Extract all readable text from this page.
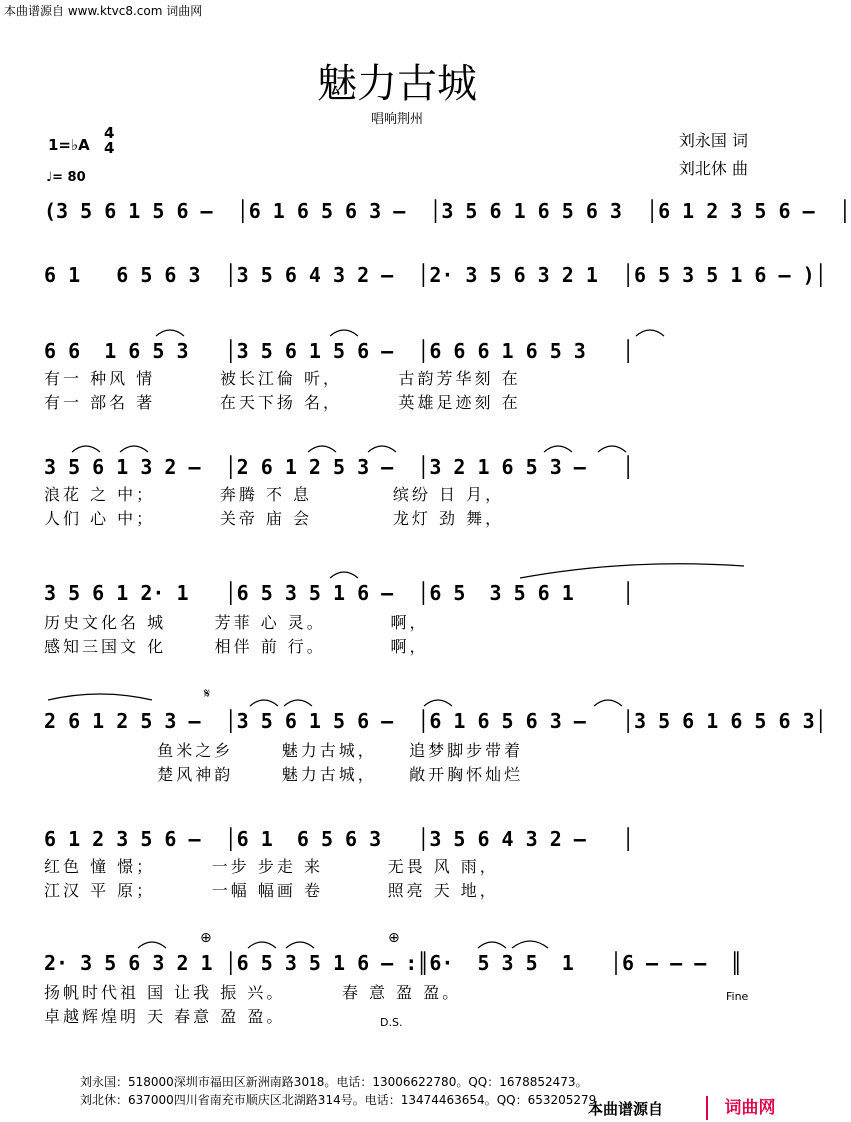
本曲谱源自 www.ktvc8.com 词曲网
魅力古城
唱响荆州
1=♭A
4
4
♩= 80
刘永国 词
刘北休 曲
(3 5 6 1 5 6 –  │6 1 6 5 6 3 –  │3 5 6 1 6 5 6 3  │6 1 2 3 5 6 –  │
6 1   6 5 6 3  │3 5 6 4 3 2 –  │2· 3 5 6 3 2 1  │6 5 3 5 1 6 – )│
6 6  1 6 5 3   │3 5 6 1 5 6 –  │6 6 6 1 6 5 3   │
有一 种风 情        被长江倫 听，       古韵芳华刻 在
有一 部名 著        在天下扬 名，       英雄足迹刻 在
3 5 6 1 3 2 –  │2 6 1 2 5 3 –  │3 2 1 6 5 3 –   │
浪花 之 中；        奔腾 不 息          缤纷 日 月，
人们 心 中；        关帝 庙 会          龙灯 劲 舞，
3 5 6 1 2· 1   │6 5 3 5 1 6 –  │6 5  3 5 6 1    │
历史文化名 城      芳菲 心 灵。        啊，
感知三国文 化      相伴 前 行。        啊，
𝄋
2 6 1 2 5 3 –  │3 5 6 1 5 6 –  │6 1 6 5 6 3 –   │3 5 6 1 6 5 6 3│
鱼米之乡      魅力古城，    追梦脚步带着
楚风神韵      魅力古城，    敞开胸怀灿烂
6 1 2 3 5 6 –  │6 1  6 5 6 3   │3 5 6 4 3 2 –   │
红色 憧 憬；       一步 步走 来        无畏 风 雨，
江汉 平 原；       一幅 幅画 卷        照亮 天 地，
⊕	⊕
2· 3 5 6 3 2 1 │6 5 3 5 1 6 – :║6·  5 3 5  1   │6 – – –  ║
扬帆时代祖 国 让我 振 兴。       春 意 盈 盈。
卓越辉煌明 天 春意 盈 盈。
Fine
D.S.
刘永国：518000深圳市福田区新洲南路3018。电话：13006622780。QQ：1678852473。
刘北休：637000四川省南充市顺庆区北湖路314号。电话：13474463654。QQ：653205279
本曲谱源自	词曲网
